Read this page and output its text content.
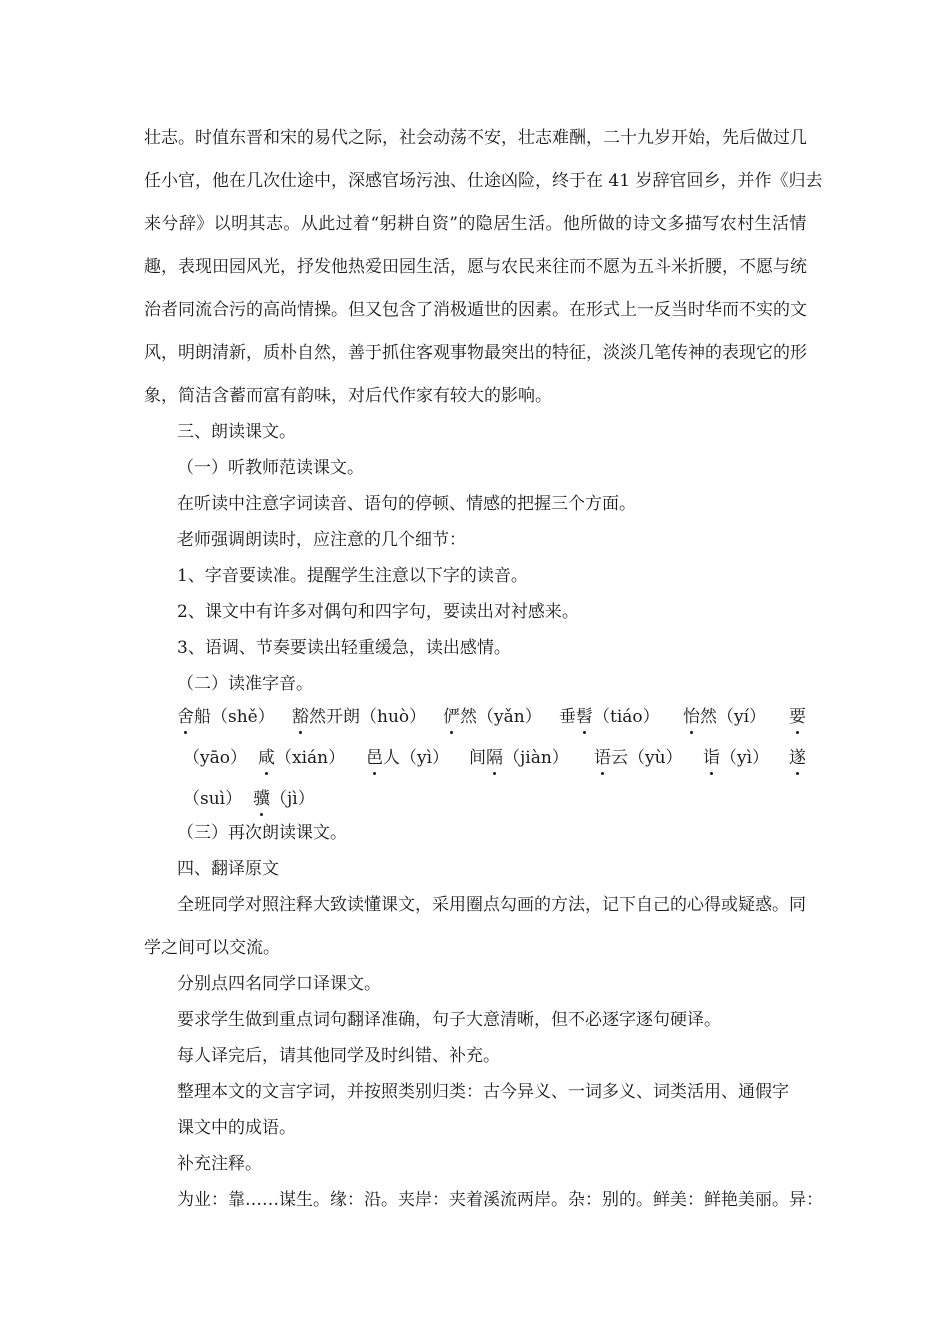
壮志。时值东晋和宋的易代之际，社会动荡不安，壮志难酬，二十九岁开始，先后做过几
任小官，他在几次仕途中，深感官场污浊、仕途凶险，终于在 41 岁辞官回乡，并作《归去
来兮辞》以明其志。从此过着“躬耕自资”的隐居生活。他所做的诗文多描写农村生活情
趣，表现田园风光，抒发他热爱田园生活，愿与农民来往而不愿为五斗米折腰，不愿与统
治者同流合污的高尚情操。但又包含了消极遁世的因素。在形式上一反当时华而不实的文
风，明朗清新，质朴自然，善于抓住客观事物最突出的特征，淡淡几笔传神的表现它的形
象，简洁含蓄而富有韵味，对后代作家有较大的影响。
三、朗读课文。
（一）听教师范读课文。
在听读中注意字词读音、语句的停顿、情感的把握三个方面。
老师强调朗读时，应注意的几个细节：
1、字音要读准。提醒学生注意以下字的读音。
2、课文中有许多对偶句和四字句，要读出对衬感来。
3、语调、节奏要读出轻重缓急，读出感情。
（二）读准字音。
舍船（shě） 豁然开朗（huò） 俨然（yǎn） 垂髫（tiáo） 怡然（yí） 要
（yāo） 咸（xián） 邑人（yì） 间隔（jiàn） 语云（yù） 诣（yì） 遂
（suì） 骥（jì）
（三）再次朗读课文。
四、翻译原文
全班同学对照注释大致读懂课文，采用圈点勾画的方法，记下自己的心得或疑惑。同
学之间可以交流。
分别点四名同学口译课文。
要求学生做到重点词句翻译准确，句子大意清晰，但不必逐字逐句硬译。
每人译完后，请其他同学及时纠错、补充。
整理本文的文言字词，并按照类别归类：古今异义、一词多义、词类活用、通假字
课文中的成语。
补充注释。
为业：靠……谋生。缘：沿。夹岸：夹着溪流两岸。杂：别的。鲜美：鲜艳美丽。异：
